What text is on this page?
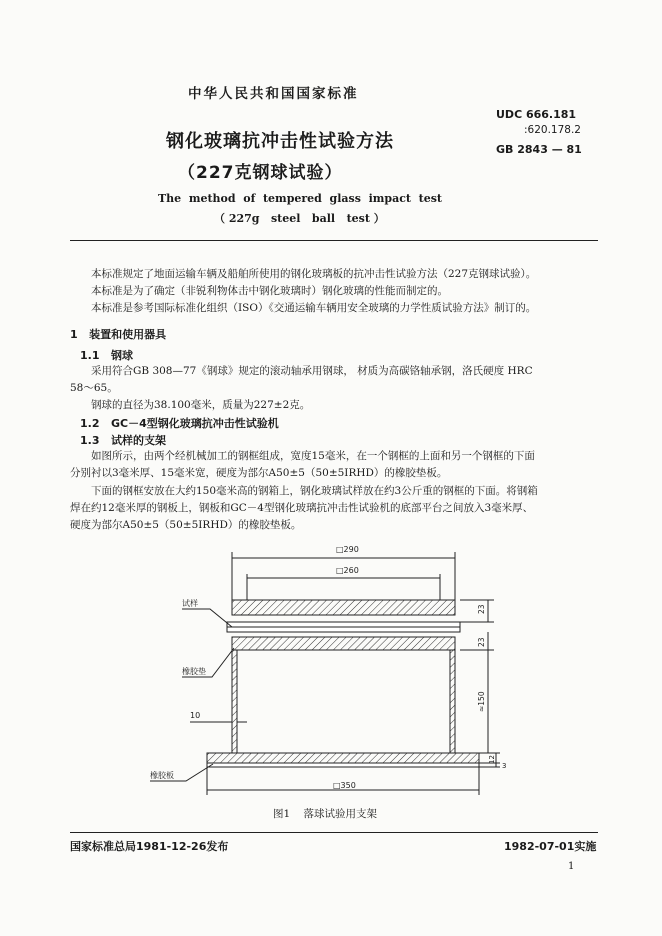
中华人民共和国国家标准
UDC 666.181
:620.178.2
GB 2843 — 81
钢化玻璃抗冲击性试验方法
（227克钢球试验）
The  method  of  tempered  glass  impact  test
（ 227g   steel   ball   test ）

本标准规定了地面运输车辆及船舶所使用的钢化玻璃板的抗冲击性试验方法（227克钢球试验）。

本标准是为了确定（非锐利物体击中钢化玻璃时）钢化玻璃的性能而制定的。

本标准是参考国际标准化组织（ISO）《交通运输车辆用安全玻璃的力学性质试验方法》制订的。

1   装置和使用器具
1.1   钢球

采用符合GB 308—77《钢球》规定的滚动轴承用钢球， 材质为高碳铬轴承钢，洛氏硬度 HRC

58～65。

钢球的直径为38.100毫米，质量为227±2克。

1.2   GC－4型钢化玻璃抗冲击性试验机
1.3   试样的支架

如图所示，由两个经机械加工的钢框组成，宽度15毫米，在一个钢框的上面和另一个钢框的下面

分别衬以3毫米厚、15毫米宽，硬度为部尔A50±5（50±5IRHD）的橡胶垫板。

下面的钢框安放在大约150毫米高的钢箱上，钢化玻璃试样放在约3公斤重的钢框的下面。将钢箱

焊在约12毫米厚的钢板上，钢板和GC－4型钢化玻璃抗冲击性试验机的底部平台之间放入3毫米厚、

硬度为部尔A50±5（50±5IRHD）的橡胶垫板。

□290
□260
□350
试样
橡胶垫
橡胶板
10
23
23
≈150
12
3
图1    落球试验用支架
国家标准总局1981-12-26发布	1982-07-01实施
1
